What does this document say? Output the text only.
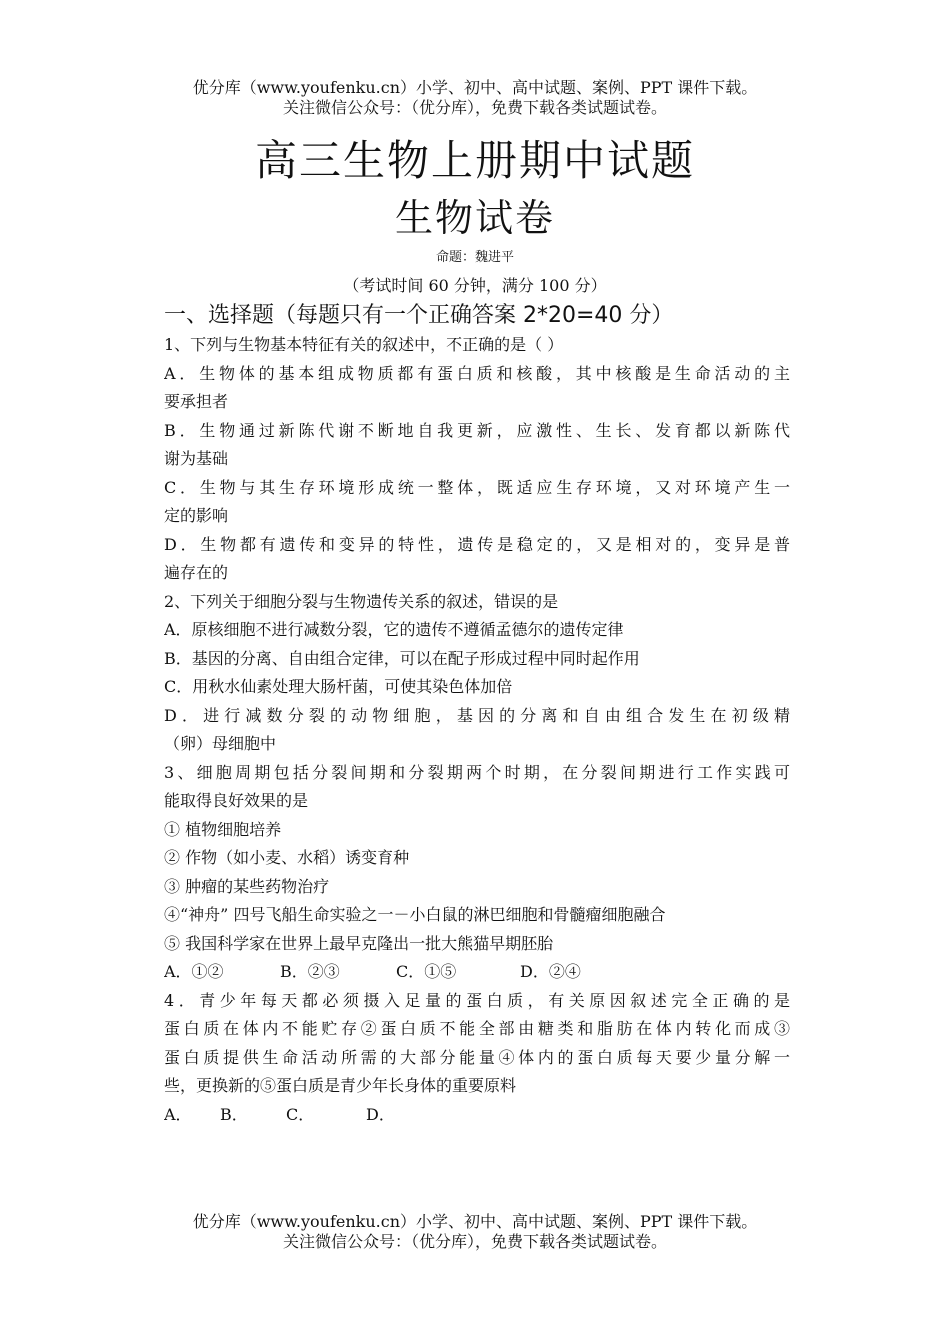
优分库（www.youfenku.cn）小学、初中、高中试题、案例、PPT 课件下载。
关注微信公众号：（优分库），免费下载各类试题试卷。
高三生物上册期中试题
生物试卷
命题：魏进平
（考试时间 60 分钟，满分 100 分）
一、选择题（每题只有一个正确答案 2*20=40 分）
1、下列与生物基本特征有关的叙述中，不正确的是（ ）
A．生物体的基本组成物质都有蛋白质和核酸，其中核酸是生命活动的主
要承担者
B．生物通过新陈代谢不断地自我更新，应激性、生长、发育都以新陈代
谢为基础
C．生物与其生存环境形成统一整体，既适应生存环境，又对环境产生一
定的影响
D．生物都有遗传和变异的特性，遗传是稳定的，又是相对的，变异是普
遍存在的
2、下列关于细胞分裂与生物遗传关系的叙述，错误的是
A．原核细胞不进行减数分裂，它的遗传不遵循孟德尔的遗传定律
B．基因的分离、自由组合定律，可以在配子形成过程中同时起作用
C．用秋水仙素处理大肠杆菌，可使其染色体加倍
D．进行减数分裂的动物细胞，基因的分离和自由组合发生在初级精
（卵）母细胞中
3、细胞周期包括分裂间期和分裂期两个时期，在分裂间期进行工作实践可
能取得良好效果的是
① 植物细胞培养
② 作物（如小麦、水稻）诱变育种
③ 肿瘤的某些药物治疗
④“神舟” 四号飞船生命实验之一－小白鼠的淋巴细胞和骨髓瘤细胞融合
⑤ 我国科学家在世界上最早克隆出一批大熊猫早期胚胎
A．①②	B．②③	C．①⑤	D．②④
4．青少年每天都必须摄入足量的蛋白质，有关原因叙述完全正确的是
蛋白质在体内不能贮存②蛋白质不能全部由糖类和脂肪在体内转化而成③
蛋白质提供生命活动所需的大部分能量④体内的蛋白质每天要少量分解一
些，更换新的⑤蛋白质是青少年长身体的重要原料
A．	B．	C．	D．
优分库（www.youfenku.cn）小学、初中、高中试题、案例、PPT 课件下载。
关注微信公众号：（优分库），免费下载各类试题试卷。
